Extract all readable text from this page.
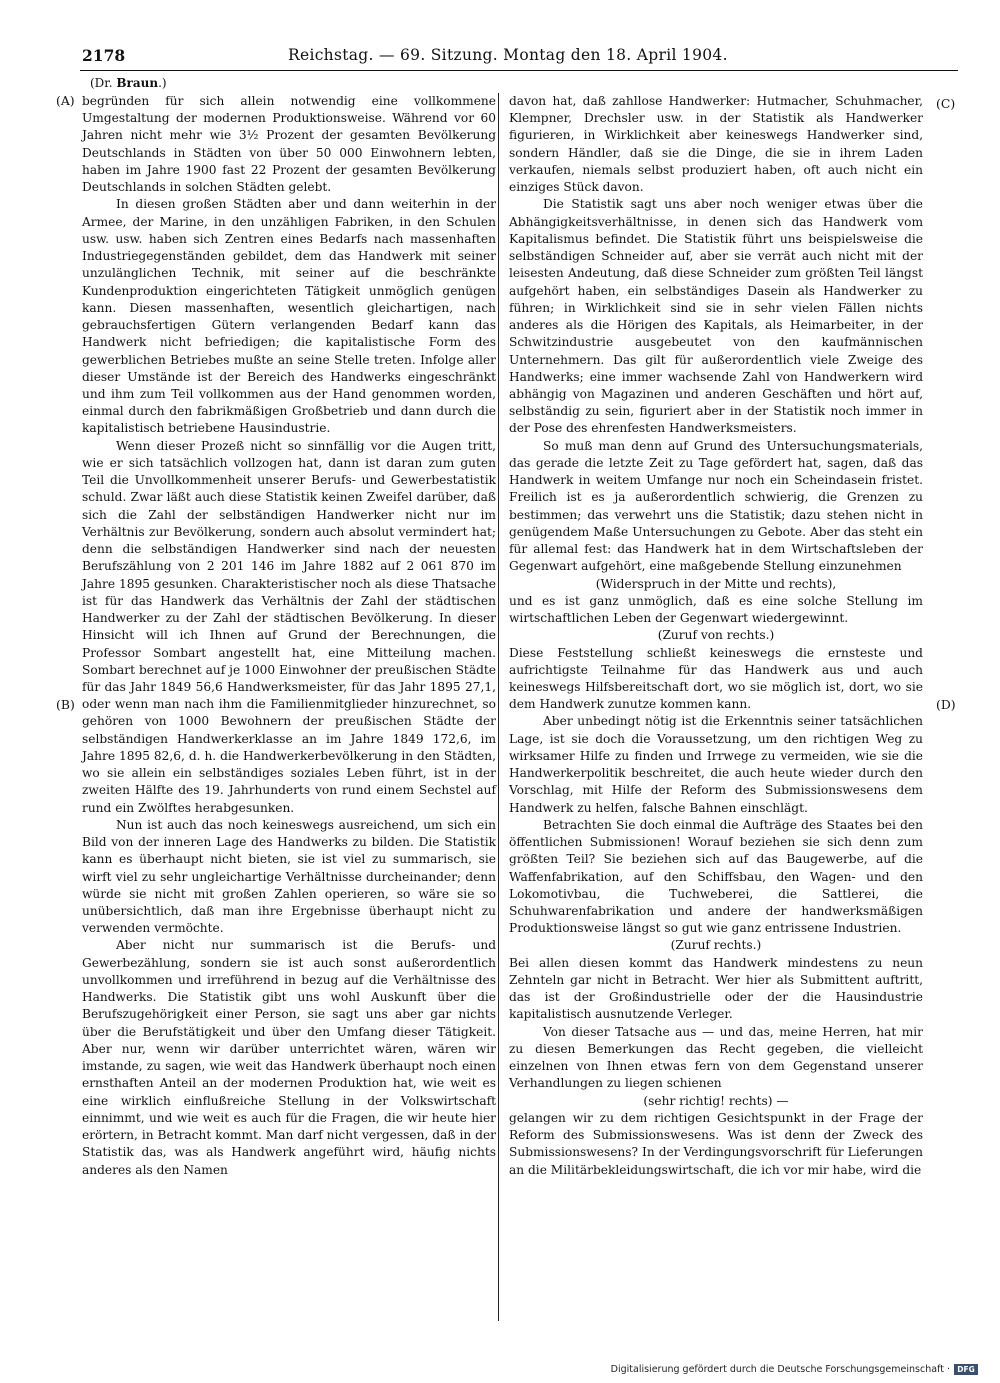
2178	Reichstag. — 69. Sitzung. Montag den 18. April 1904.
(Dr. Braun.)
(A)
(B)
(C)
(D)

begründen für sich allein notwendig eine vollkommene Umgestaltung der modernen Produktionsweise. Während vor 60 Jahren nicht mehr wie 3½ Prozent der gesamten Bevölkerung Deutschlands in Städten von über 50 000 Einwohnern lebten, haben im Jahre 1900 fast 22 Prozent der gesamten Bevölkerung Deutschlands in solchen Städten gelebt.

In diesen großen Städten aber und dann weiterhin in der Armee, der Marine, in den unzähligen Fabriken, in den Schulen usw. usw. haben sich Zentren eines Bedarfs nach massenhaften Industriegegenständen gebildet, dem das Handwerk mit seiner unzulänglichen Technik, mit seiner auf die beschränkte Kundenproduktion eingerichteten Tätigkeit unmöglich genügen kann. Diesen massenhaften, wesentlich gleichartigen, nach gebrauchsfertigen Gütern verlangenden Bedarf kann das Handwerk nicht befriedigen; die kapitalistische Form des gewerblichen Betriebes mußte an seine Stelle treten. Infolge aller dieser Umstände ist der Bereich des Handwerks eingeschränkt und ihm zum Teil vollkommen aus der Hand genommen worden, einmal durch den fabrikmäßigen Großbetrieb und dann durch die kapitalistisch betriebene Hausindustrie.

Wenn dieser Prozeß nicht so sinnfällig vor die Augen tritt, wie er sich tatsächlich vollzogen hat, dann ist daran zum guten Teil die Unvollkommenheit unserer Berufs- und Gewerbestatistik schuld. Zwar läßt auch diese Statistik keinen Zweifel darüber, daß sich die Zahl der selbständigen Handwerker nicht nur im Verhältnis zur Bevölkerung, sondern auch absolut vermindert hat; denn die selbständigen Handwerker sind nach der neuesten Berufszählung von 2 201 146 im Jahre 1882 auf 2 061 870 im Jahre 1895 gesunken. Charakteristischer noch als diese Thatsache ist für das Handwerk das Verhältnis der Zahl der städtischen Handwerker zu der Zahl der städtischen Bevölkerung. In dieser Hinsicht will ich Ihnen auf Grund der Berechnungen, die Professor Sombart angestellt hat, eine Mitteilung machen. Sombart berechnet auf je 1000 Einwohner der preußischen Städte für das Jahr 1849 56,6 Handwerksmeister, für das Jahr 1895 27,1, oder wenn man nach ihm die Familienmitglieder hinzurechnet, so gehören von 1000 Bewohnern der preußischen Städte der selbständigen Handwerkerklasse an im Jahre 1849 172,6, im Jahre 1895 82,6, d. h. die Handwerkerbevölkerung in den Städten, wo sie allein ein selbständiges soziales Leben führt, ist in der zweiten Hälfte des 19. Jahrhunderts von rund einem Sechstel auf rund ein Zwölftes herabgesunken.

Nun ist auch das noch keineswegs ausreichend, um sich ein Bild von der inneren Lage des Handwerks zu bilden. Die Statistik kann es überhaupt nicht bieten, sie ist viel zu summarisch, sie wirft viel zu sehr ungleichartige Verhältnisse durcheinander; denn würde sie nicht mit großen Zahlen operieren, so wäre sie so unübersichtlich, daß man ihre Ergebnisse überhaupt nicht zu verwenden vermöchte.

Aber nicht nur summarisch ist die Berufs- und Gewerbezählung, sondern sie ist auch sonst außerordentlich unvollkommen und irreführend in bezug auf die Verhältnisse des Handwerks. Die Statistik gibt uns wohl Auskunft über die Berufszugehörigkeit einer Person, sie sagt uns aber gar nichts über die Berufstätigkeit und über den Umfang dieser Tätigkeit. Aber nur, wenn wir darüber unterrichtet wären, wären wir imstande, zu sagen, wie weit das Handwerk überhaupt noch einen ernsthaften Anteil an der modernen Produktion hat, wie weit es eine wirklich einflußreiche Stellung in der Volkswirtschaft einnimmt, und wie weit es auch für die Fragen, die wir heute hier erörtern, in Betracht kommt. Man darf nicht vergessen, daß in der Statistik das, was als Handwerk angeführt wird, häufig nichts anderes als den Namen

davon hat, daß zahllose Handwerker: Hutmacher, Schuhmacher, Klempner, Drechsler usw. in der Statistik als Handwerker figurieren, in Wirklichkeit aber keineswegs Handwerker sind, sondern Händler, daß sie die Dinge, die sie in ihrem Laden verkaufen, niemals selbst produziert haben, oft auch nicht ein einziges Stück davon.

Die Statistik sagt uns aber noch weniger etwas über die Abhängigkeitsverhältnisse, in denen sich das Handwerk vom Kapitalismus befindet. Die Statistik führt uns beispielsweise die selbständigen Schneider auf, aber sie verrät auch nicht mit der leisesten Andeutung, daß diese Schneider zum größten Teil längst aufgehört haben, ein selbständiges Dasein als Handwerker zu führen; in Wirklichkeit sind sie in sehr vielen Fällen nichts anderes als die Hörigen des Kapitals, als Heimarbeiter, in der Schwitzindustrie ausgebeutet von den kaufmännischen Unternehmern. Das gilt für außerordentlich viele Zweige des Handwerks; eine immer wachsende Zahl von Handwerkern wird abhängig von Magazinen und anderen Geschäften und hört auf, selbständig zu sein, figuriert aber in der Statistik noch immer in der Pose des ehrenfesten Handwerksmeisters.

So muß man denn auf Grund des Untersuchungsmaterials, das gerade die letzte Zeit zu Tage gefördert hat, sagen, daß das Handwerk in weitem Umfange nur noch ein Scheindasein fristet. Freilich ist es ja außerordentlich schwierig, die Grenzen zu bestimmen; das verwehrt uns die Statistik; dazu stehen nicht in genügendem Maße Untersuchungen zu Gebote. Aber das steht ein für allemal fest: das Handwerk hat in dem Wirtschaftsleben der Gegenwart aufgehört, eine maßgebende Stellung einzunehmen

(Widerspruch in der Mitte und rechts),

und es ist ganz unmöglich, daß es eine solche Stellung im wirtschaftlichen Leben der Gegenwart wiedergewinnt.

(Zuruf von rechts.)

Diese Feststellung schließt keineswegs die ernsteste und aufrichtigste Teilnahme für das Handwerk aus und auch keineswegs Hilfsbereitschaft dort, wo sie möglich ist, dort, wo sie dem Handwerk zunutze kommen kann.

Aber unbedingt nötig ist die Erkenntnis seiner tatsächlichen Lage, ist sie doch die Voraussetzung, um den richtigen Weg zu wirksamer Hilfe zu finden und Irrwege zu vermeiden, wie sie die Handwerkerpolitik beschreitet, die auch heute wieder durch den Vorschlag, mit Hilfe der Reform des Submissionswesens dem Handwerk zu helfen, falsche Bahnen einschlägt.

Betrachten Sie doch einmal die Aufträge des Staates bei den öffentlichen Submissionen! Worauf beziehen sie sich denn zum größten Teil? Sie beziehen sich auf das Baugewerbe, auf die Waffenfabrikation, auf den Schiffsbau, den Wagen- und den Lokomotivbau, die Tuchweberei, die Sattlerei, die Schuhwarenfabrikation und andere der handwerksmäßigen Produktionsweise längst so gut wie ganz entrissene Industrien.

(Zuruf rechts.)

Bei allen diesen kommt das Handwerk mindestens zu neun Zehnteln gar nicht in Betracht. Wer hier als Submittent auftritt, das ist der Großindustrielle oder der die Hausindustrie kapitalistisch ausnutzende Verleger.

Von dieser Tatsache aus — und das, meine Herren, hat mir zu diesen Bemerkungen das Recht gegeben, die vielleicht einzelnen von Ihnen etwas fern von dem Gegenstand unserer Verhandlungen zu liegen schienen

(sehr richtig! rechts) —

gelangen wir zu dem richtigen Gesichtspunkt in der Frage der Reform des Submissionswesens. Was ist denn der Zweck des Submissionswesens? In der Verdingungsvorschrift für Lieferungen an die Militärbekleidungswirtschaft, die ich vor mir habe, wird die

Digitalisierung gefördert durch die Deutsche Forschungsgemeinschaft · DFG
